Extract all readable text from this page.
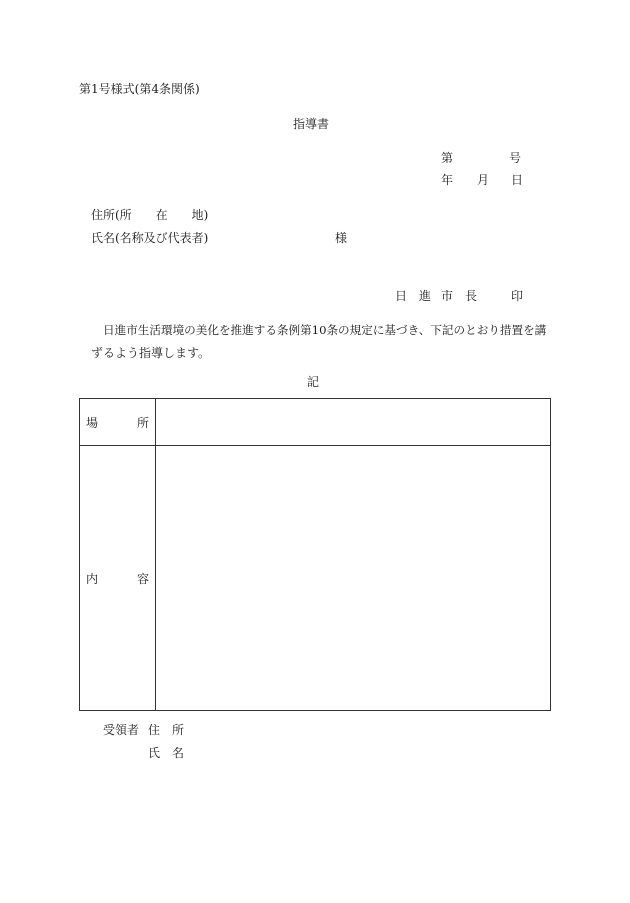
第1号様式(第4条関係)
指導書
第	号
年 月 日
住所(所　　在　　地)
氏名(名称及び代表者)	様
日 進 市 長	印
日進市生活環境の美化を推進する条例第10条の規定に基づき、下記のとおり措置を講
ずるよう指導します。
記
場 所	

内 容	

受領者 住 所
氏 名
